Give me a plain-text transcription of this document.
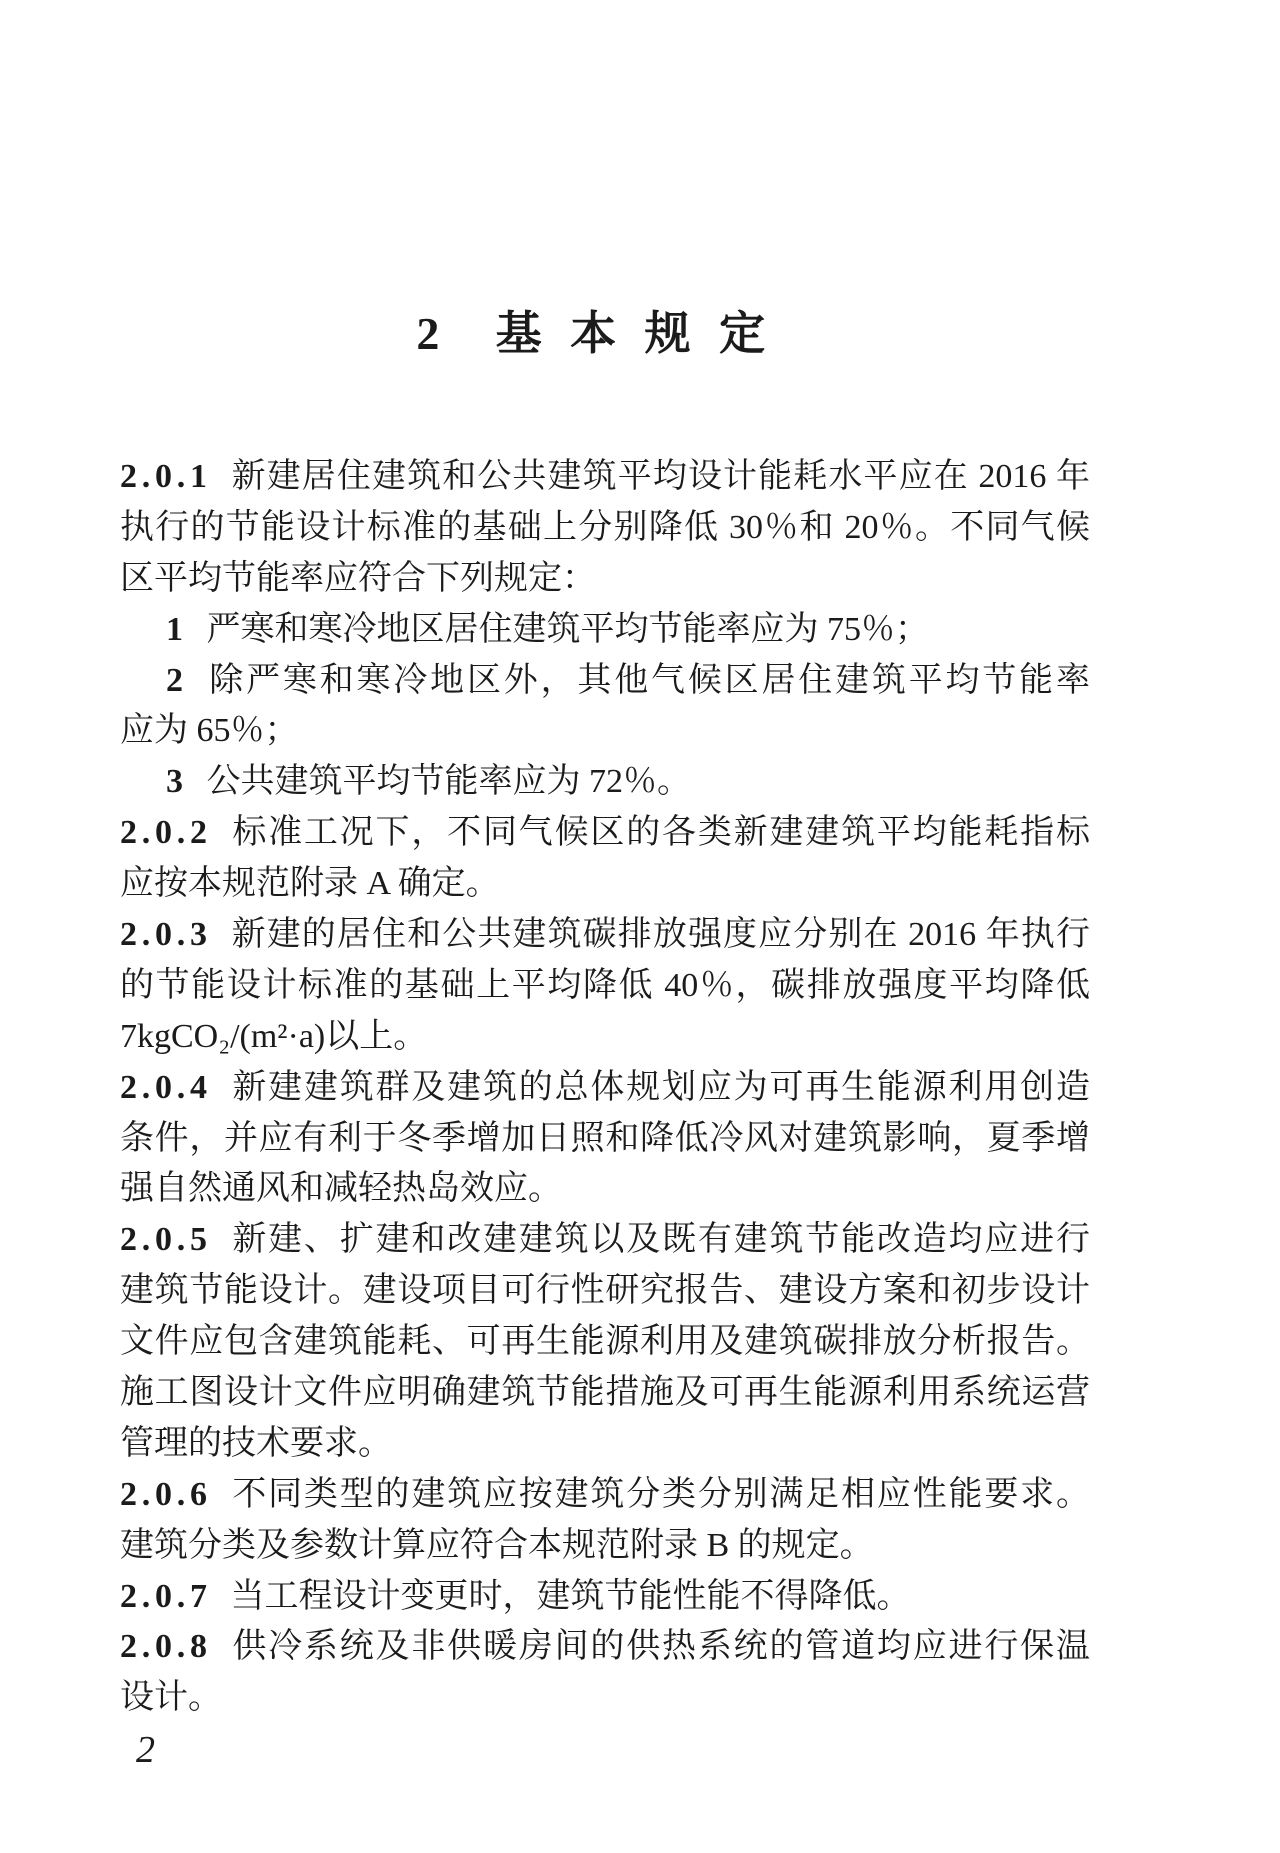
2 基本规定
2.0.1 新建居住建筑和公共建筑平均设计能耗水平应在 2016 年
执行的节能设计标准的基础上分别降低 30％和 20％。不同气候
区平均节能率应符合下列规定：
1 严寒和寒冷地区居住建筑平均节能率应为 75％；
2 除严寒和寒冷地区外，其他气候区居住建筑平均节能率
应为 65％；
3 公共建筑平均节能率应为 72％。
2.0.2 标准工况下，不同气候区的各类新建建筑平均能耗指标
应按本规范附录 A 确定。
2.0.3 新建的居住和公共建筑碳排放强度应分别在 2016 年执行
的节能设计标准的基础上平均降低 40％，碳排放强度平均降低
7kgCO₂/(m²·a)以上。
2.0.4 新建建筑群及建筑的总体规划应为可再生能源利用创造
条件，并应有利于冬季增加日照和降低冷风对建筑影响，夏季增
强自然通风和减轻热岛效应。
2.0.5 新建、扩建和改建建筑以及既有建筑节能改造均应进行
建筑节能设计。建设项目可行性研究报告、建设方案和初步设计
文件应包含建筑能耗、可再生能源利用及建筑碳排放分析报告。
施工图设计文件应明确建筑节能措施及可再生能源利用系统运营
管理的技术要求。
2.0.6 不同类型的建筑应按建筑分类分别满足相应性能要求。
建筑分类及参数计算应符合本规范附录 B 的规定。
2.0.7 当工程设计变更时，建筑节能性能不得降低。
2.0.8 供冷系统及非供暖房间的供热系统的管道均应进行保温
设计。
2
